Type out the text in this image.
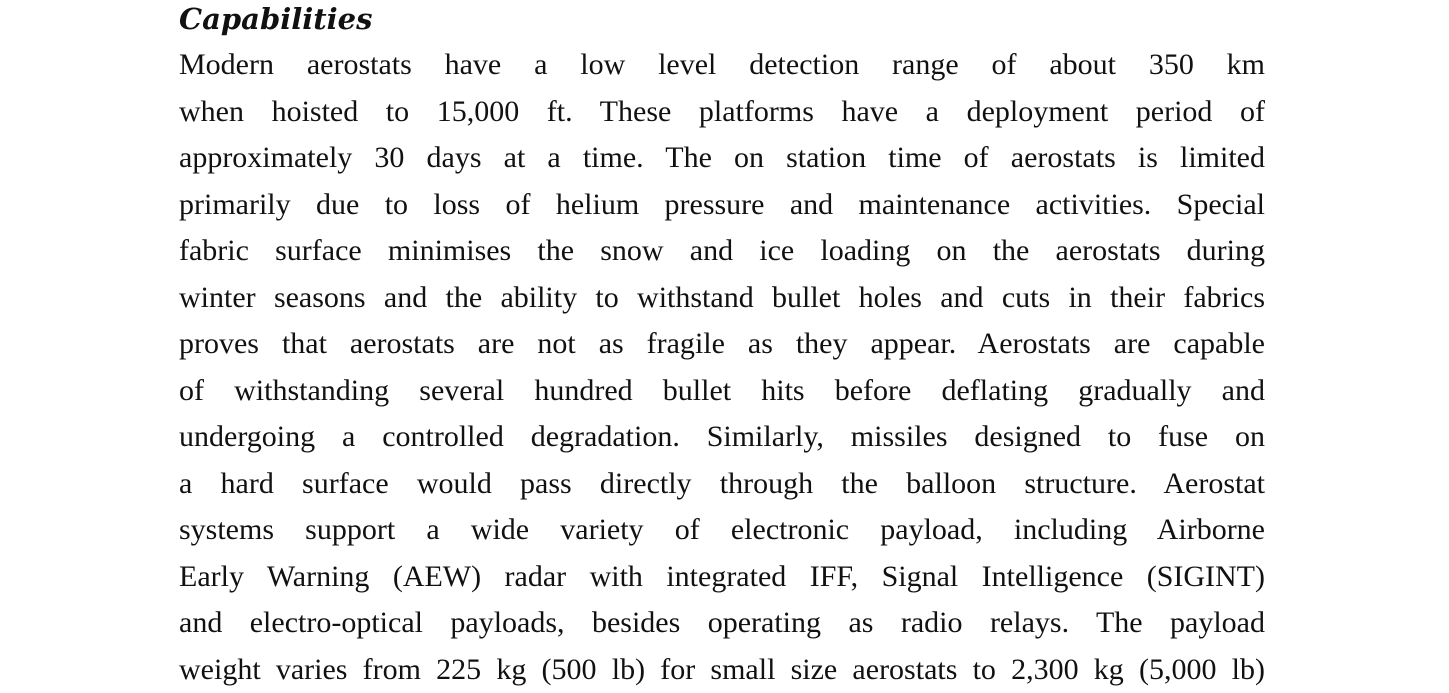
Capabilities
Modern aerostats have a low level detection range of about 350 km
when hoisted to 15,000 ft. These platforms have a deployment period of
approximately 30 days at a time. The on station time of aerostats is limited
primarily due to loss of helium pressure and maintenance activities. Special
fabric surface minimises the snow and ice loading on the aerostats during
winter seasons and the ability to withstand bullet holes and cuts in their fabrics
proves that aerostats are not as fragile as they appear. Aerostats are capable
of withstanding several hundred bullet hits before deflating gradually and
undergoing a controlled degradation. Similarly, missiles designed to fuse on
a hard surface would pass directly through the balloon structure. Aerostat
systems support a wide variety of electronic payload, including Airborne
Early Warning (AEW) radar with integrated IFF, Signal Intelligence (SIGINT)
and electro-optical payloads, besides operating as radio relays. The payload
weight varies from 225 kg (500 lb) for small size aerostats to 2,300 kg (5,000 lb)
